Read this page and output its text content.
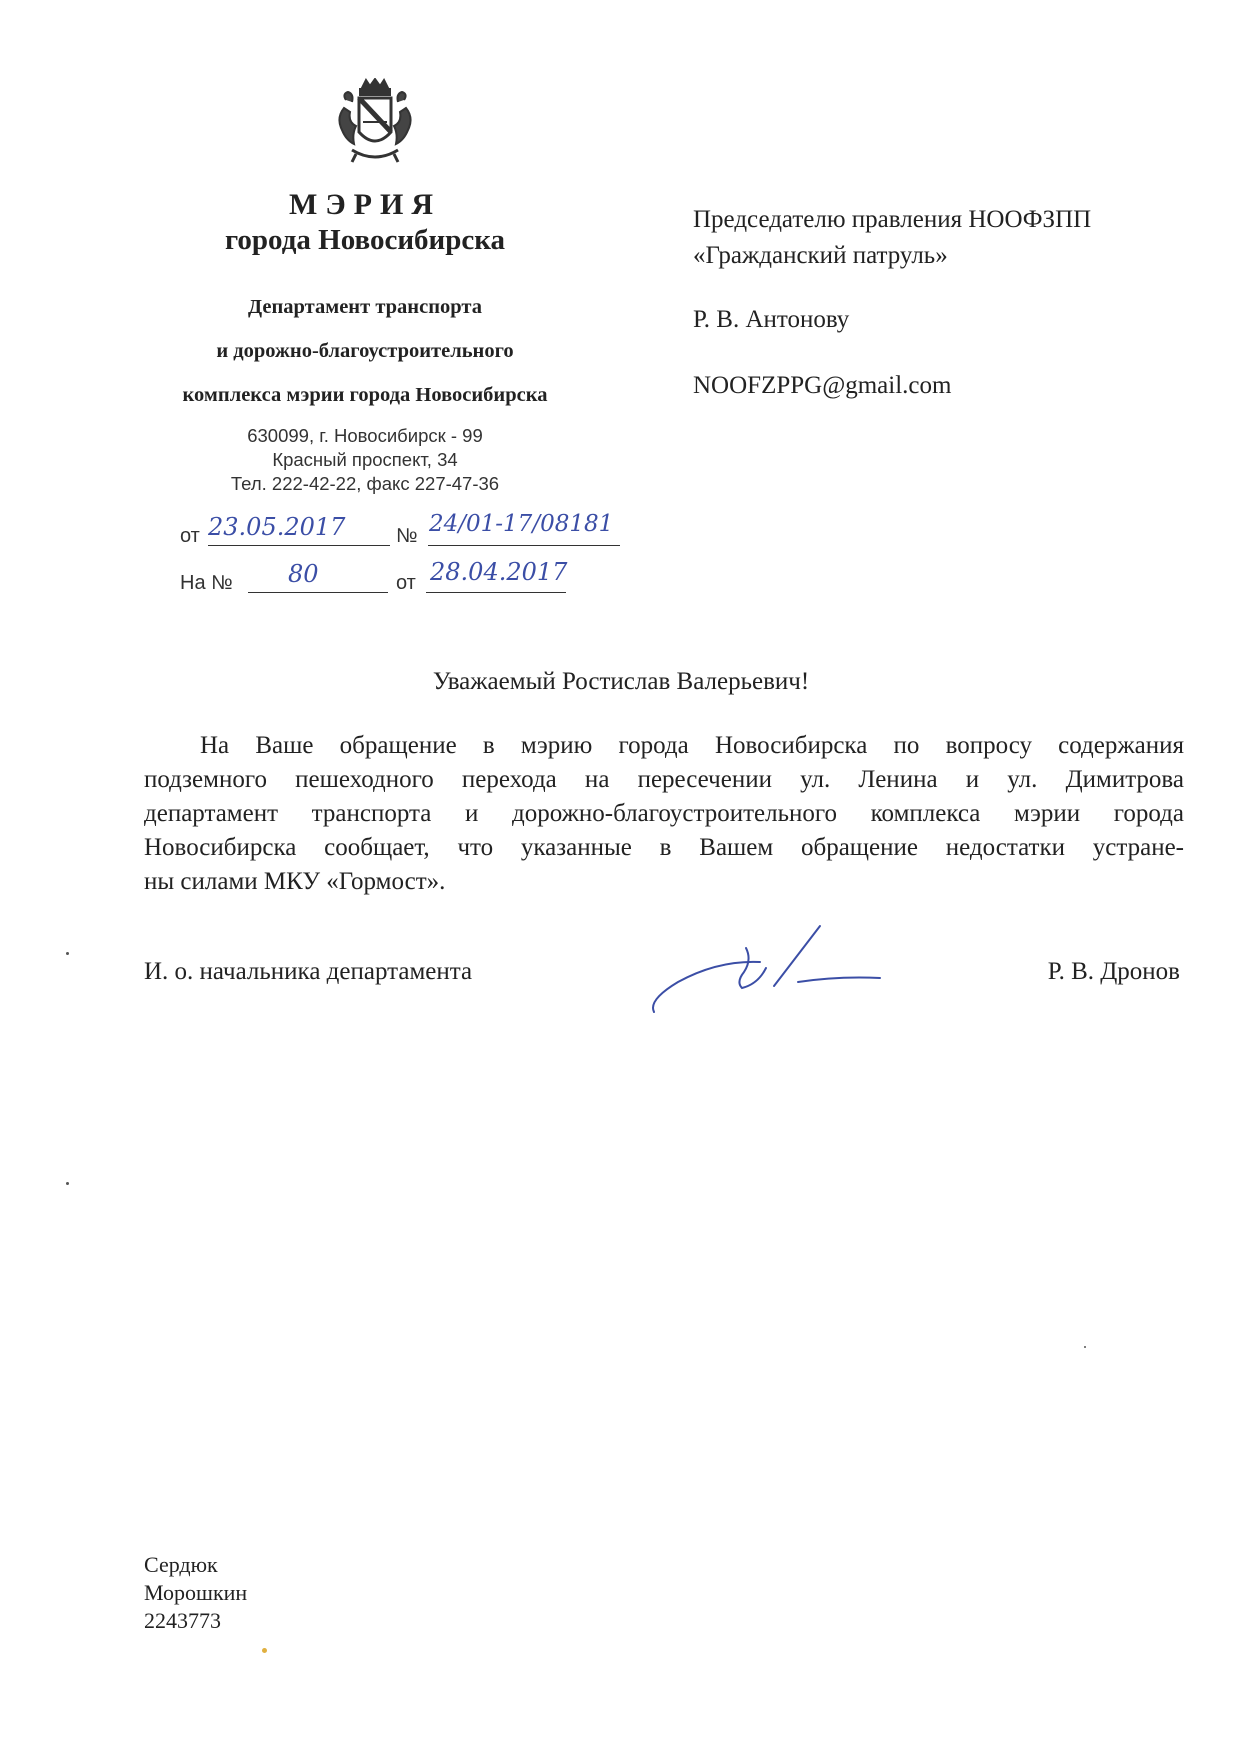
МЭРИЯ
города Новосибирска
Департамент транспорта
и дорожно-благоустроительного
комплекса мэрии города Новосибирска
630099, г. Новосибирск - 99
Красный проспект, 34
Тел. 222-42-22, факс 227-47-36
от 23.05.2017	№ 24/01-17/08181
На № 80	от 28.04.2017
Председателю правления НООФЗПП
«Гражданский патруль»
Р. В. Антонову
NOOFZPPG@gmail.com
Уважаемый Ростислав Валерьевич!
На Ваше обращение в мэрию города Новосибирска по вопросу содержания
подземного пешеходного перехода на пересечении ул. Ленина и ул. Димитрова
департамент транспорта и дорожно-благоустроительного комплекса мэрии города
Новосибирска сообщает, что указанные в Вашем обращение недостатки устране-
ны силами МКУ «Гормост».
И. о. начальника департамента	Р. В. Дронов
Сердюк
Морошкин
2243773
